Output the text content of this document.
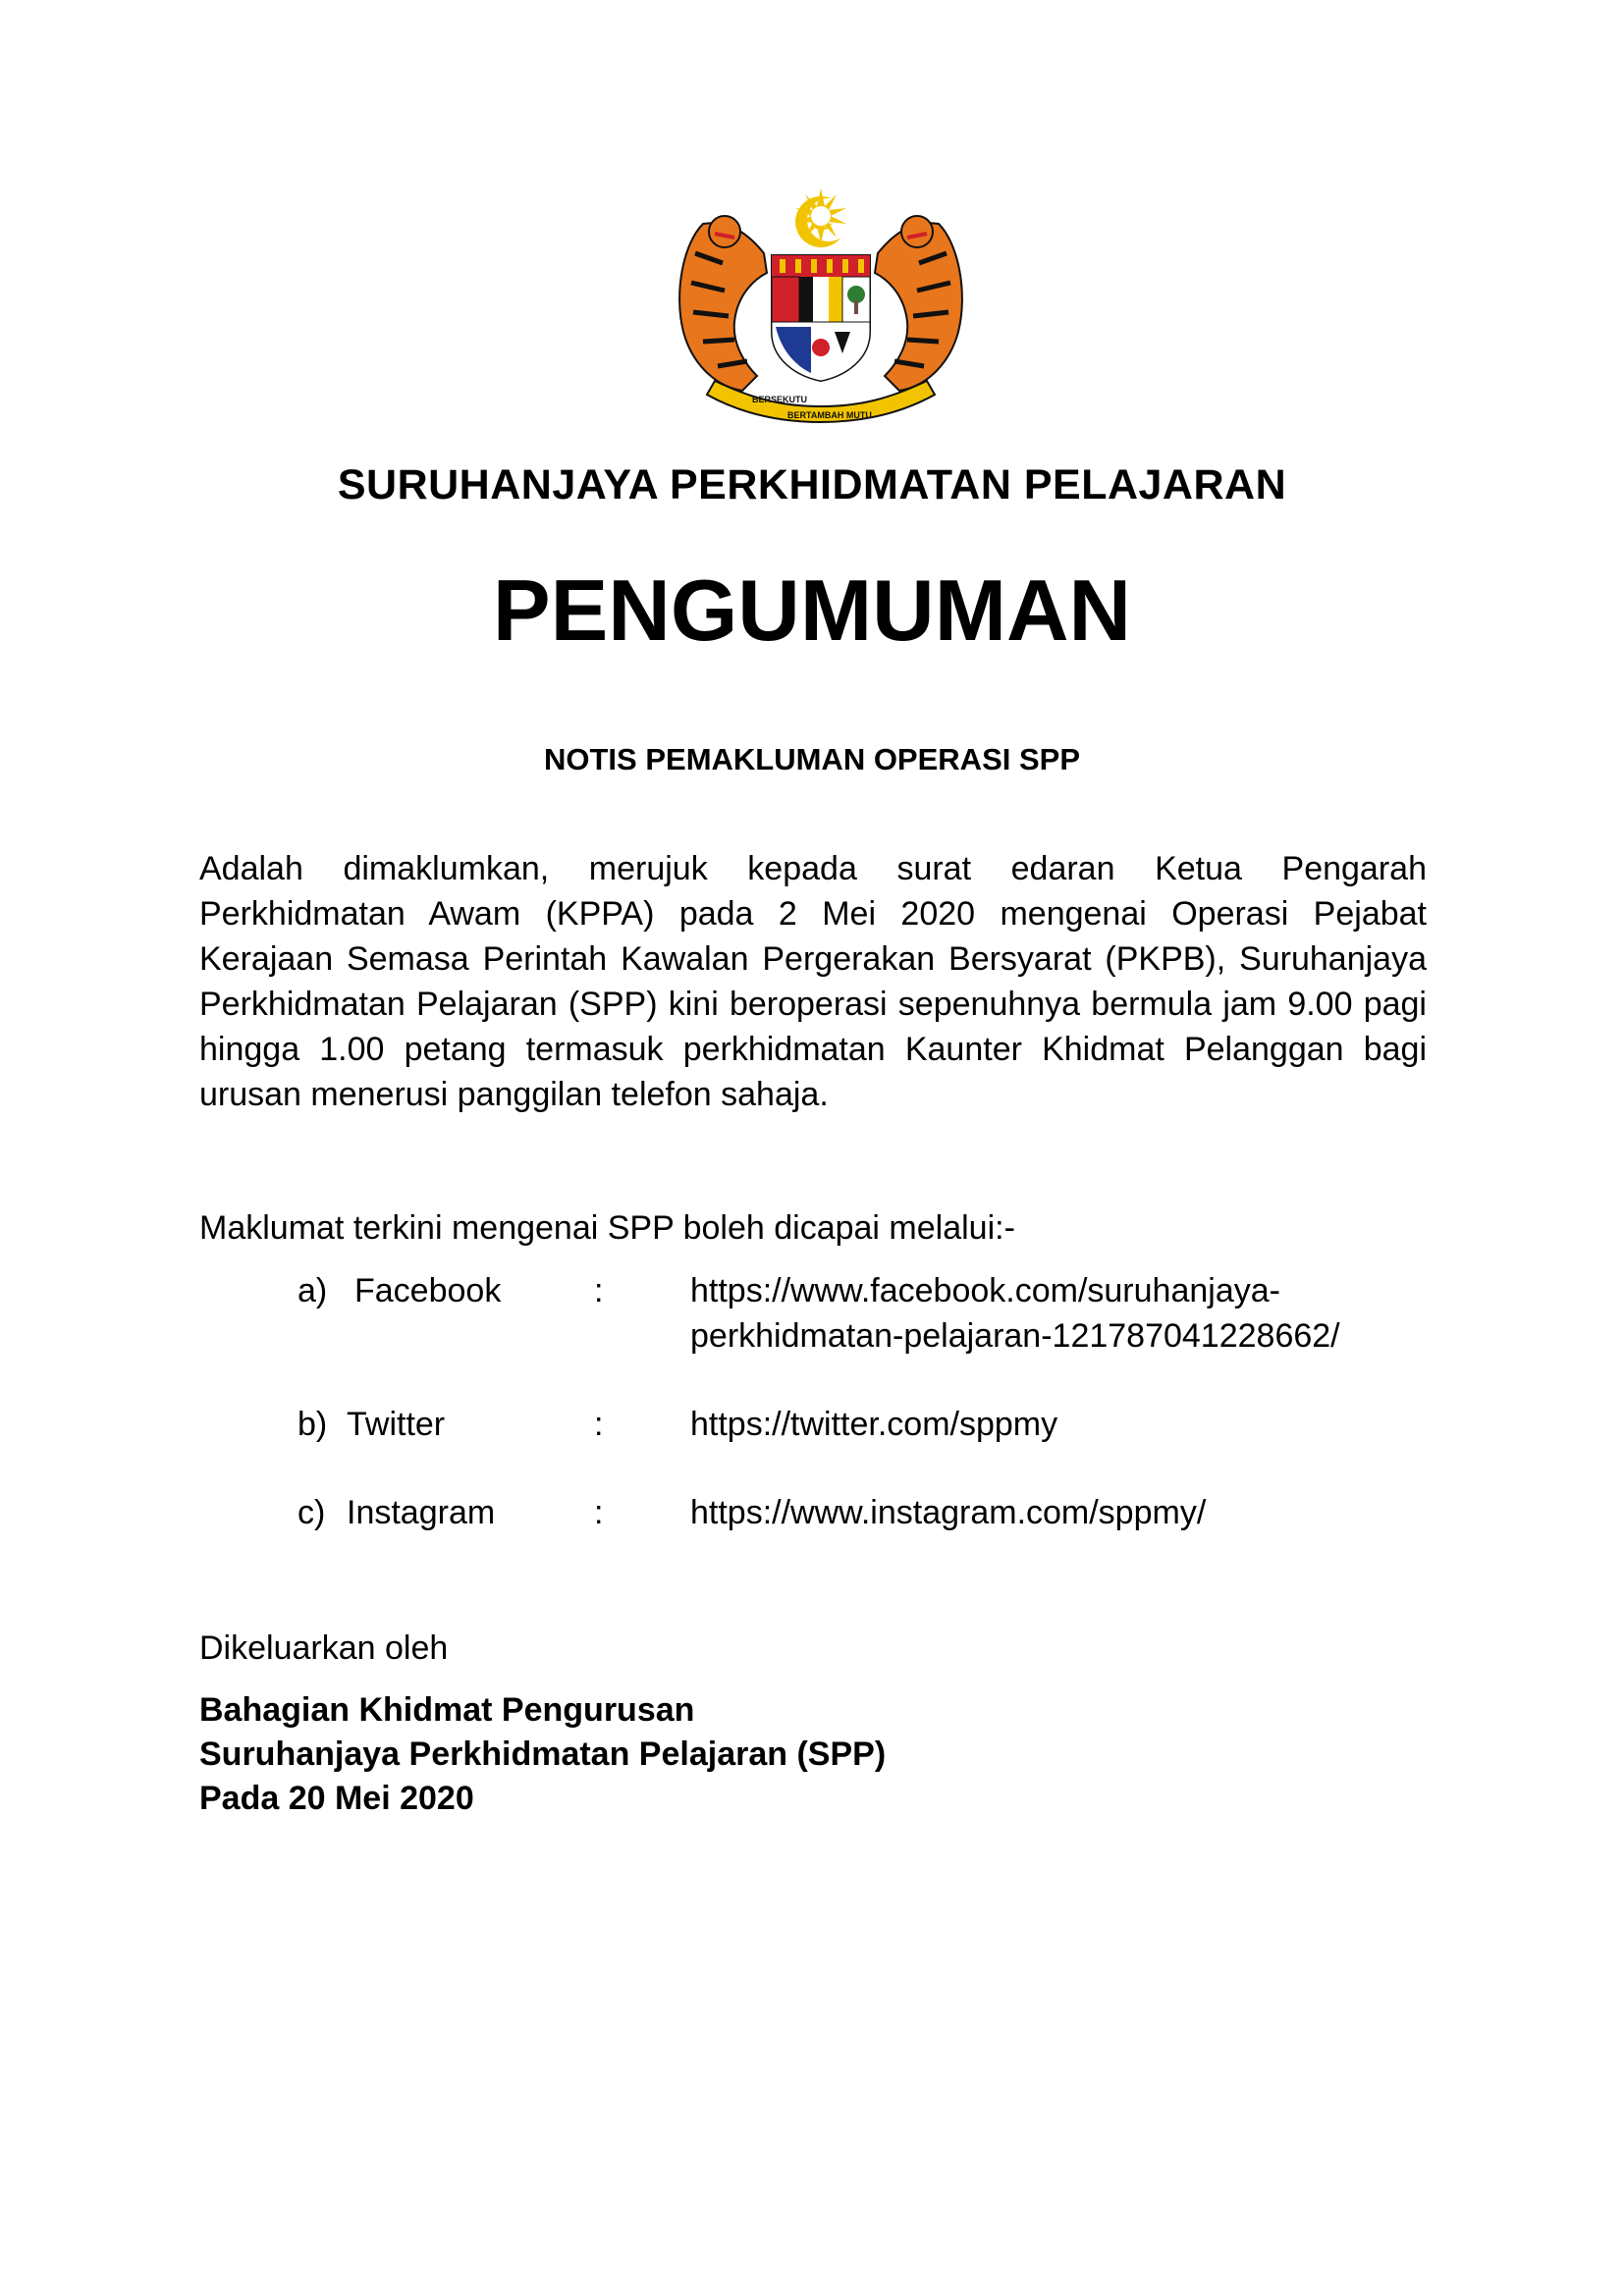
BERSEKUTU
BERTAMBAH MUTU
SURUHANJAYA PERKHIDMATAN PELAJARAN
PENGUMUMAN
NOTIS PEMAKLUMAN OPERASI SPP
Adalah dimaklumkan, merujuk kepada surat edaran Ketua Pengarah Perkhidmatan Awam (KPPA) pada 2 Mei 2020 mengenai Operasi Pejabat Kerajaan Semasa Perintah Kawalan Pergerakan Bersyarat (PKPB), Suruhanjaya Perkhidmatan Pelajaran (SPP) kini beroperasi sepenuhnya bermula jam 9.00 pagi hingga 1.00 petang termasuk perkhidmatan Kaunter Khidmat Pelanggan bagi urusan menerusi panggilan telefon sahaja.
Maklumat terkini mengenai SPP boleh dicapai melalui:-
a) Facebook	:	https://www.facebook.com/suruhanjaya-
perkhidmatan-pelajaran-121787041228662/
b) Twitter	:	https://twitter.com/sppmy
c) Instagram	:	https://www.instagram.com/sppmy/
Dikeluarkan oleh
Bahagian Khidmat Pengurusan
Suruhanjaya Perkhidmatan Pelajaran (SPP)
Pada 20 Mei 2020
